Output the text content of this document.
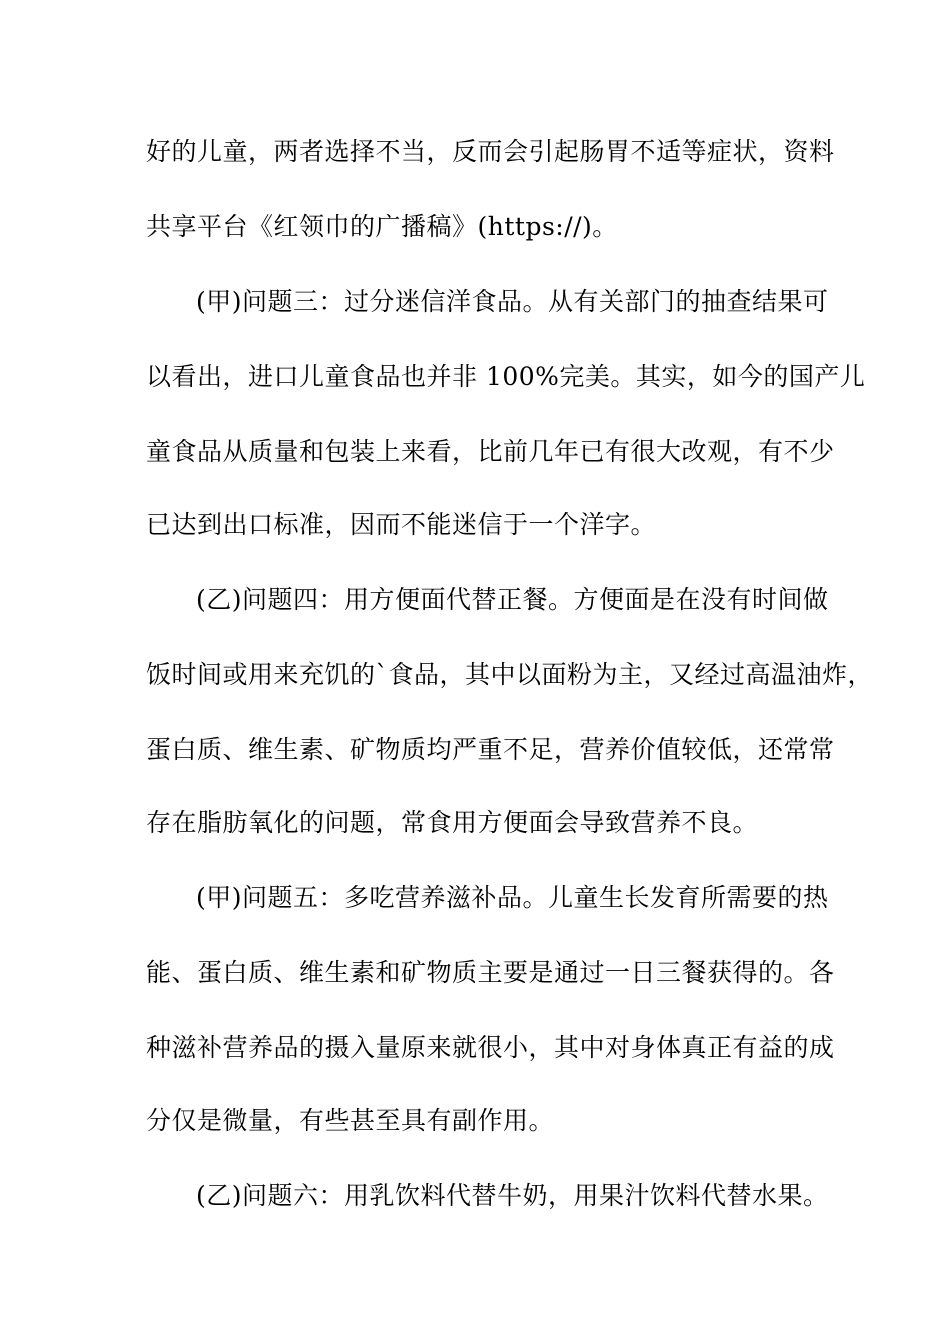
好的儿童，两者选择不当，反而会引起肠胃不适等症状，资料
共享平台《红领巾的广播稿》(https://)。
(甲)问题三：过分迷信洋食品。从有关部门的抽查结果可
以看出，进口儿童食品也并非 100%完美。其实，如今的国产儿
童食品从质量和包装上来看，比前几年已有很大改观，有不少
已达到出口标准，因而不能迷信于一个洋字。
(乙)问题四：用方便面代替正餐。方便面是在没有时间做
饭时间或用来充饥的`食品，其中以面粉为主，又经过高温油炸，
蛋白质、维生素、矿物质均严重不足，营养价值较低，还常常
存在脂肪氧化的问题，常食用方便面会导致营养不良。
(甲)问题五：多吃营养滋补品。儿童生长发育所需要的热
能、蛋白质、维生素和矿物质主要是通过一日三餐获得的。各
种滋补营养品的摄入量原来就很小，其中对身体真正有益的成
分仅是微量，有些甚至具有副作用。
(乙)问题六：用乳饮料代替牛奶，用果汁饮料代替水果。
